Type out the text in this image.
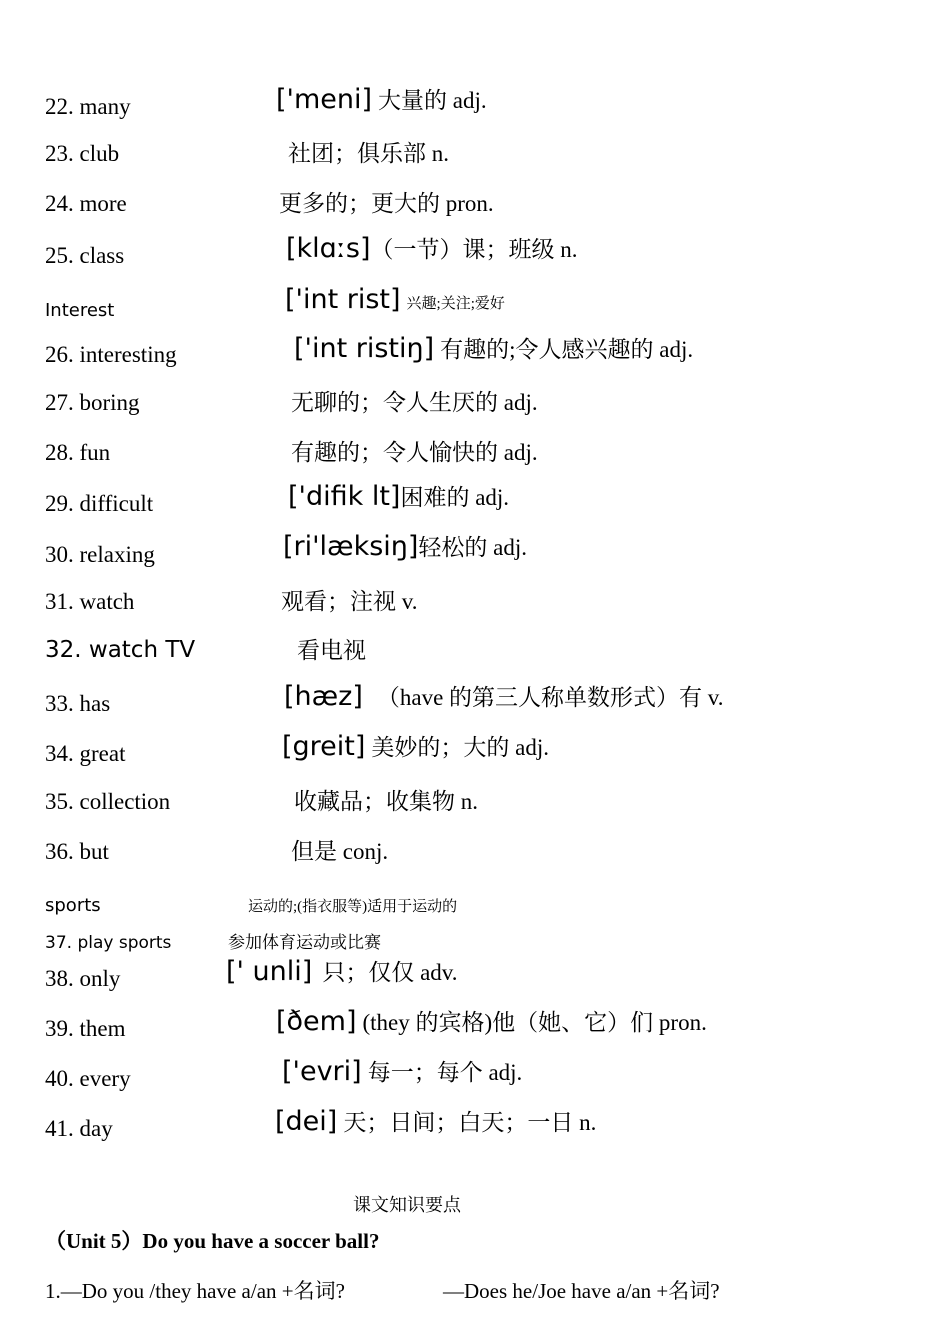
22. many	['meni] 大量的 adj.
23. club	社团；俱乐部 n.
24. more	更多的；更大的 pron.
25. class	[klɑːs]（一节）课；班级 n.
Interest	['int rist] 兴趣;关注;爱好
26. interesting	['int ristiŋ] 有趣的;令人感兴趣的 adj.
27. boring	无聊的；令人生厌的 adj.
28. fun	有趣的；令人愉快的 adj.
29. difficult	['difik lt]困难的 adj.
30. relaxing	[ri'læksiŋ]轻松的 adj.
31. watch	观看；注视 v.
32. watch TV	看电视
33. has	[hæz] （have 的第三人称单数形式）有 v.
34. great	[greit] 美妙的；大的 adj.
35. collection	收藏品；收集物 n.
36. but	但是 conj.
sports	运动的;(指衣服等)适用于运动的
37. play sports	参加体育运动或比赛
38. only	[' unli] 只；仅仅 adv.
39. them	[ðem] (they 的宾格)他（她、它）们 pron.
40. every	['evri] 每一；每个 adj.
41. day	[dei] 天；日间；白天；一日 n.
课文知识要点
（Unit 5）Do you have a soccer ball?
1.—Do you /they have a/an +名词?	—Does he/Joe have a/an +名词?
